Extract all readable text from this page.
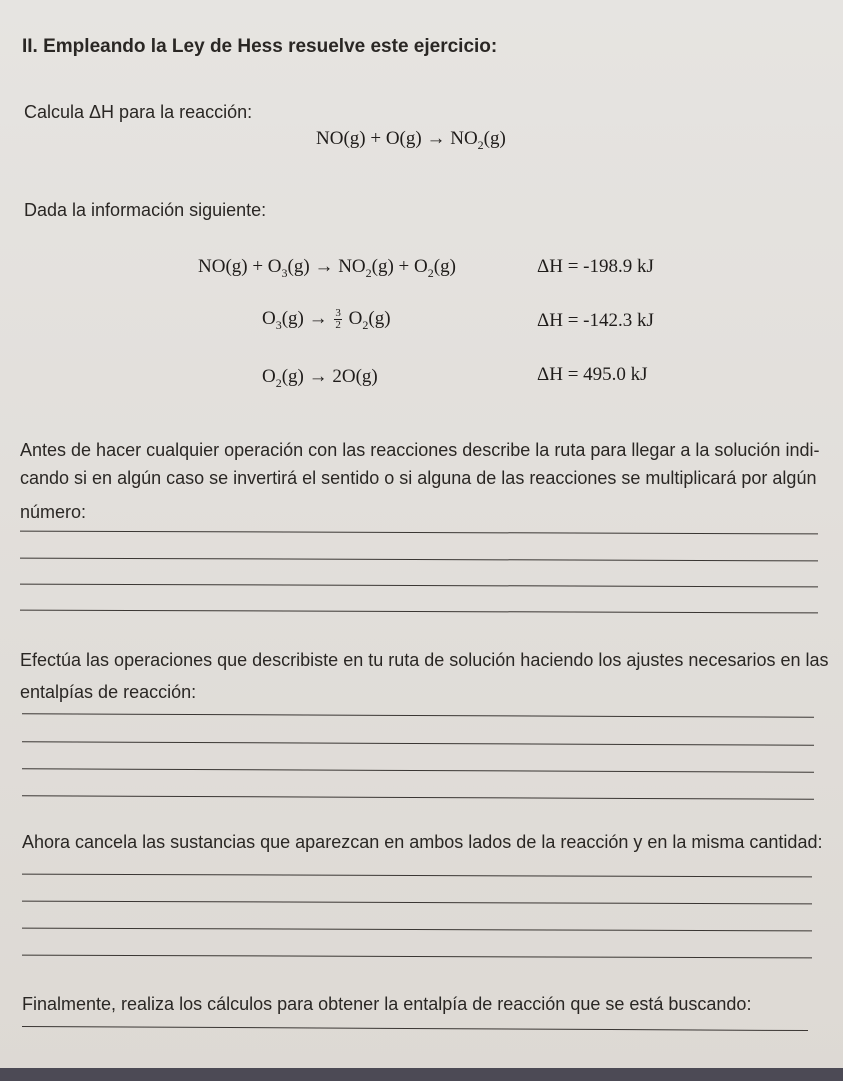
II. Empleando la Ley de Hess resuelve este ejercicio:
Calcula ΔH para la reacción:
$NO(g) + O(g) \to NO_2(g)$
Dada la información siguiente:
$NO(g) + O_3(g) \to NO_2(g) + O_2(g)$	ΔH = -198.9 kJ
$O_3(g) \to \frac{3}{2} O_2(g)$	ΔH = -142.3 kJ
$O_2(g) \to 2O(g)$	ΔH = 495.0 kJ
Antes de hacer cualquier operación con las reacciones describe la ruta para llegar a la solución indi-
cando si en algún caso se invertirá el sentido o si alguna de las reacciones se multiplicará por algún
número:
Efectúa las operaciones que describiste en tu ruta de solución haciendo los ajustes necesarios en las
entalpías de reacción:
Ahora cancela las sustancias que aparezcan en ambos lados de la reacción y en la misma cantidad:
Finalmente, realiza los cálculos para obtener la entalpía de reacción que se está buscando:
